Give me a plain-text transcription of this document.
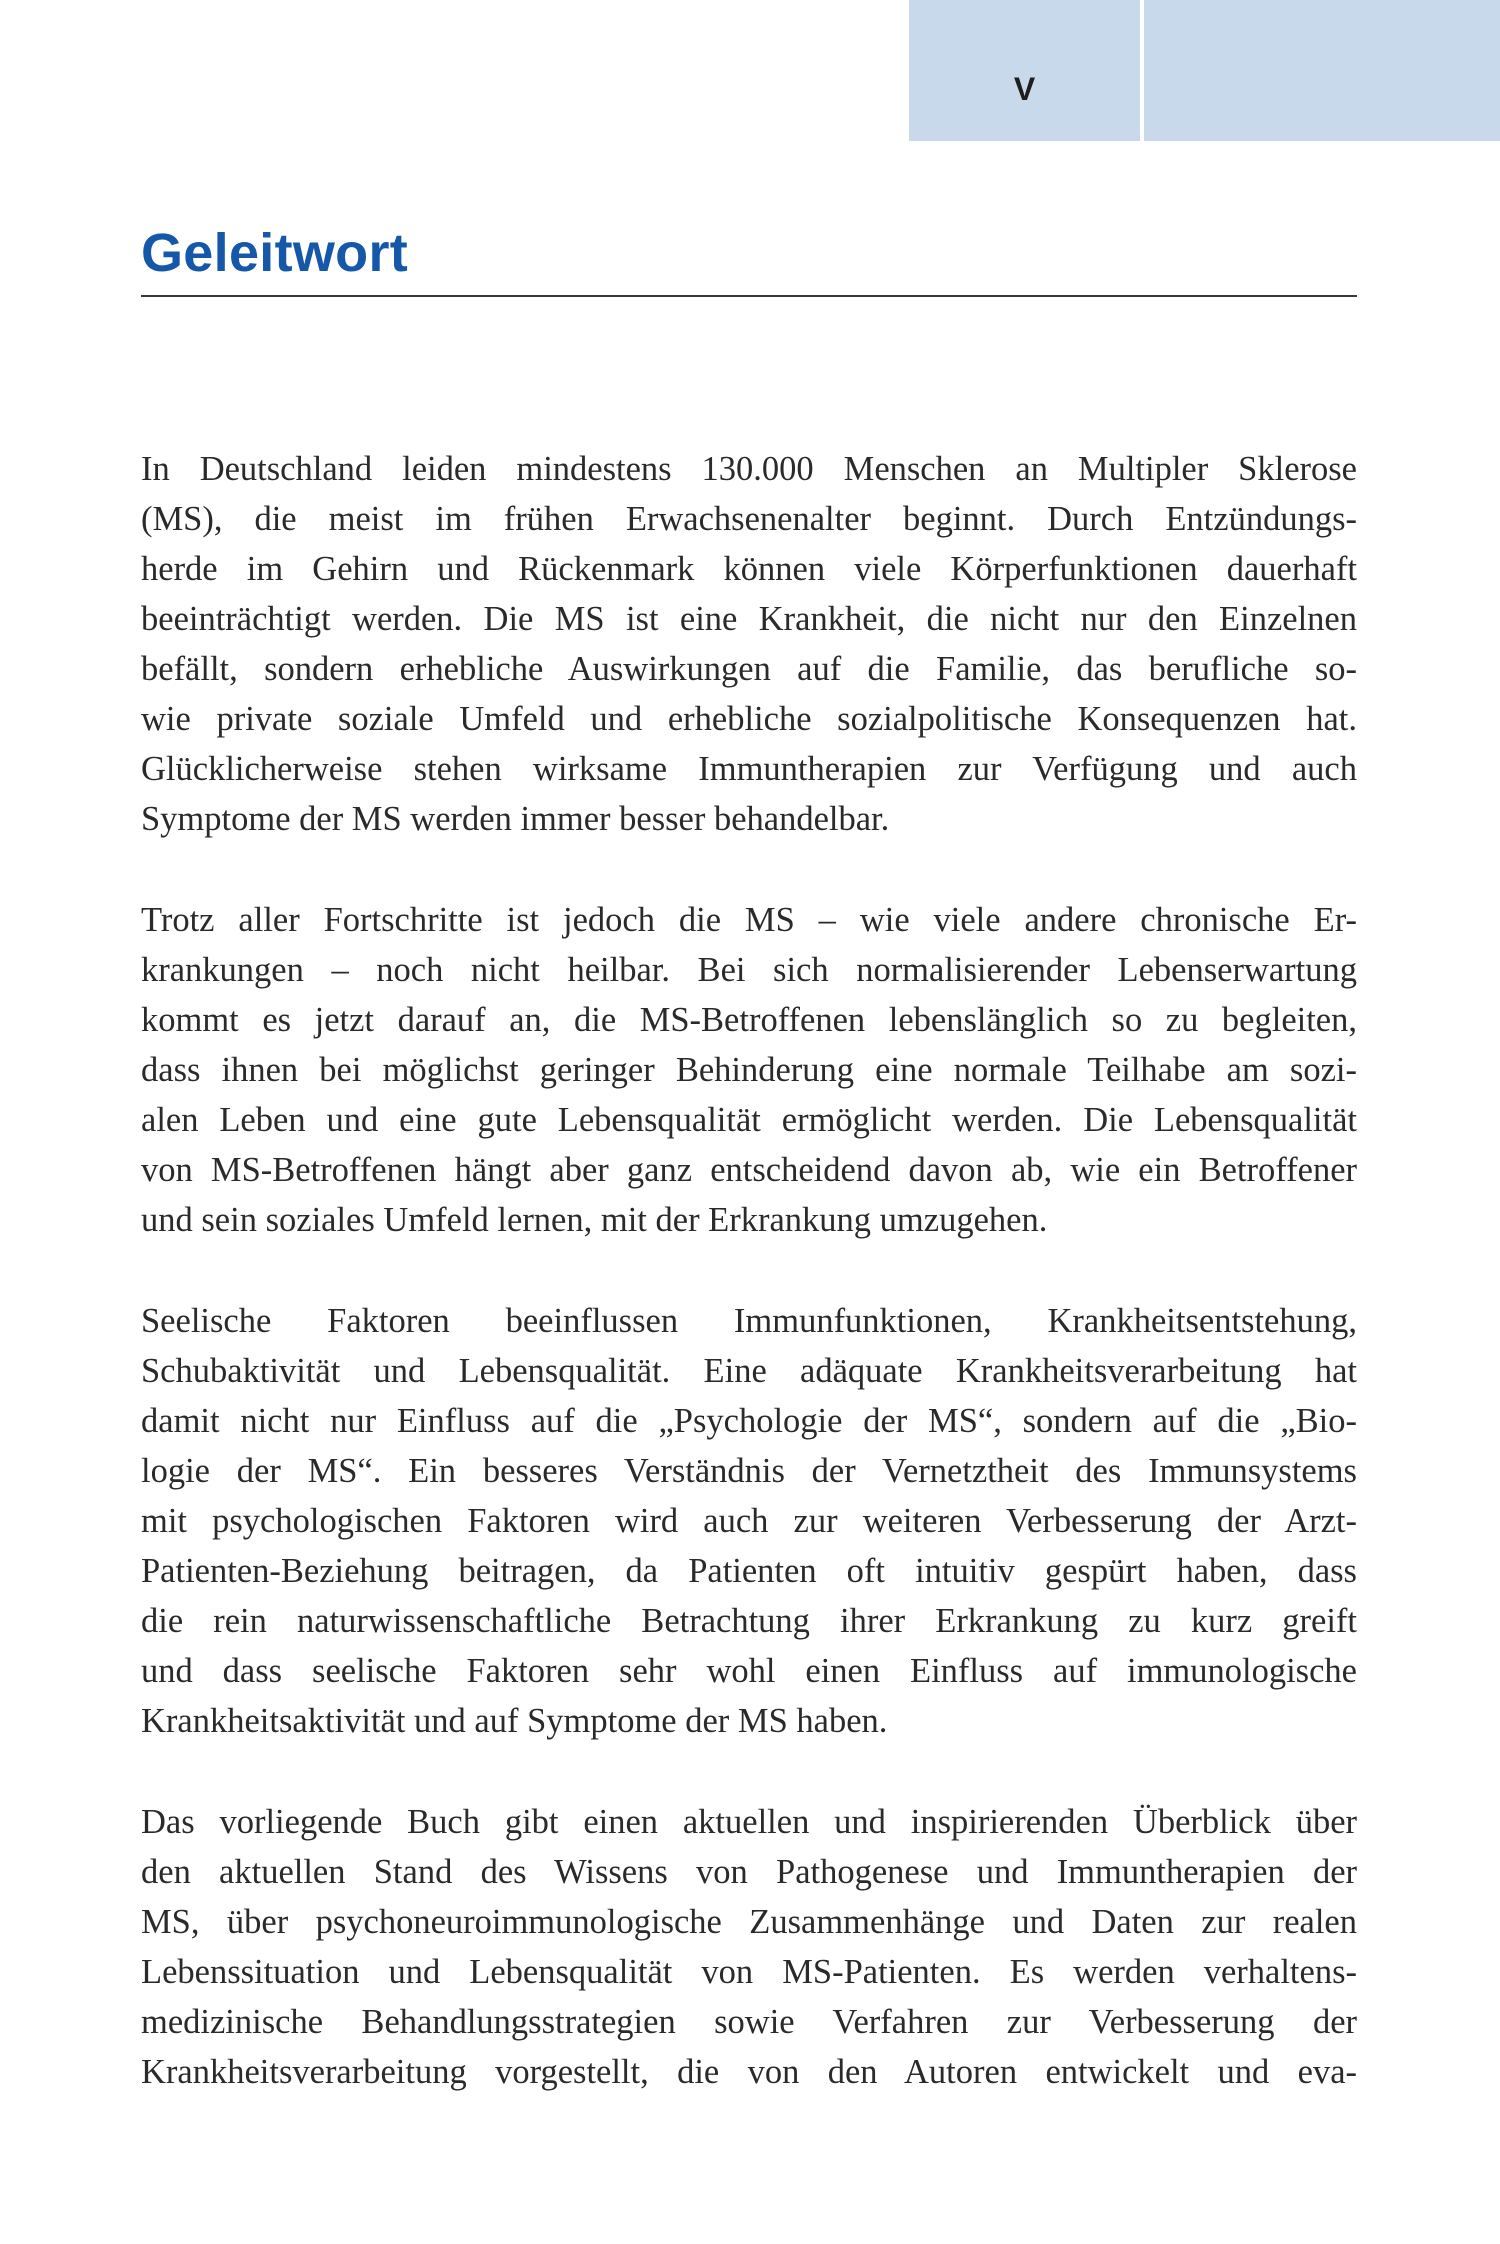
V
Geleitwort

In Deutschland leiden mindestens 130.000 Menschen an Multipler Sklerose
(MS), die meist im frühen Erwachsenenalter beginnt. Durch Entzündungs-
herde im Gehirn und Rückenmark können viele Körperfunktionen dauerhaft
beeinträchtigt werden. Die MS ist eine Krankheit, die nicht nur den Einzelnen
befällt, sondern erhebliche Auswirkungen auf die Familie, das berufliche so-
wie private soziale Umfeld und erhebliche sozialpolitische Konsequenzen hat.
Glücklicherweise stehen wirksame Immuntherapien zur Verfügung und auch
Symptome der MS werden immer besser behandelbar.

Trotz aller Fortschritte ist jedoch die MS – wie viele andere chronische Er-
krankungen – noch nicht heilbar. Bei sich normalisierender Lebenserwartung
kommt es jetzt darauf an, die MS-Betroffenen lebenslänglich so zu begleiten,
dass ihnen bei möglichst geringer Behinderung eine normale Teilhabe am sozi-
alen Leben und eine gute Lebensqualität ermöglicht werden. Die Lebensqualität
von MS-Betroffenen hängt aber ganz entscheidend davon ab, wie ein Betroffener
und sein soziales Umfeld lernen, mit der Erkrankung umzugehen.

Seelische Faktoren beeinflussen Immunfunktionen, Krankheitsentstehung,
Schubaktivität und Lebensqualität. Eine adäquate Krankheitsverarbeitung hat
damit nicht nur Einfluss auf die „Psychologie der MS“, sondern auf die „Bio-
logie der MS“. Ein besseres Verständnis der Vernetztheit des Immunsystems
mit psychologischen Faktoren wird auch zur weiteren Verbesserung der Arzt-
Patienten-Beziehung beitragen, da Patienten oft intuitiv gespürt haben, dass
die rein naturwissenschaftliche Betrachtung ihrer Erkrankung zu kurz greift
und dass seelische Faktoren sehr wohl einen Einfluss auf immunologische
Krankheitsaktivität und auf Symptome der MS haben.

Das vorliegende Buch gibt einen aktuellen und inspirierenden Überblick über
den aktuellen Stand des Wissens von Pathogenese und Immuntherapien der
MS, über psychoneuroimmunologische Zusammenhänge und Daten zur realen
Lebenssituation und Lebensqualität von MS-Patienten. Es werden verhaltens-
medizinische Behandlungsstrategien sowie Verfahren zur Verbesserung der
Krankheitsverarbeitung vorgestellt, die von den Autoren entwickelt und eva-
